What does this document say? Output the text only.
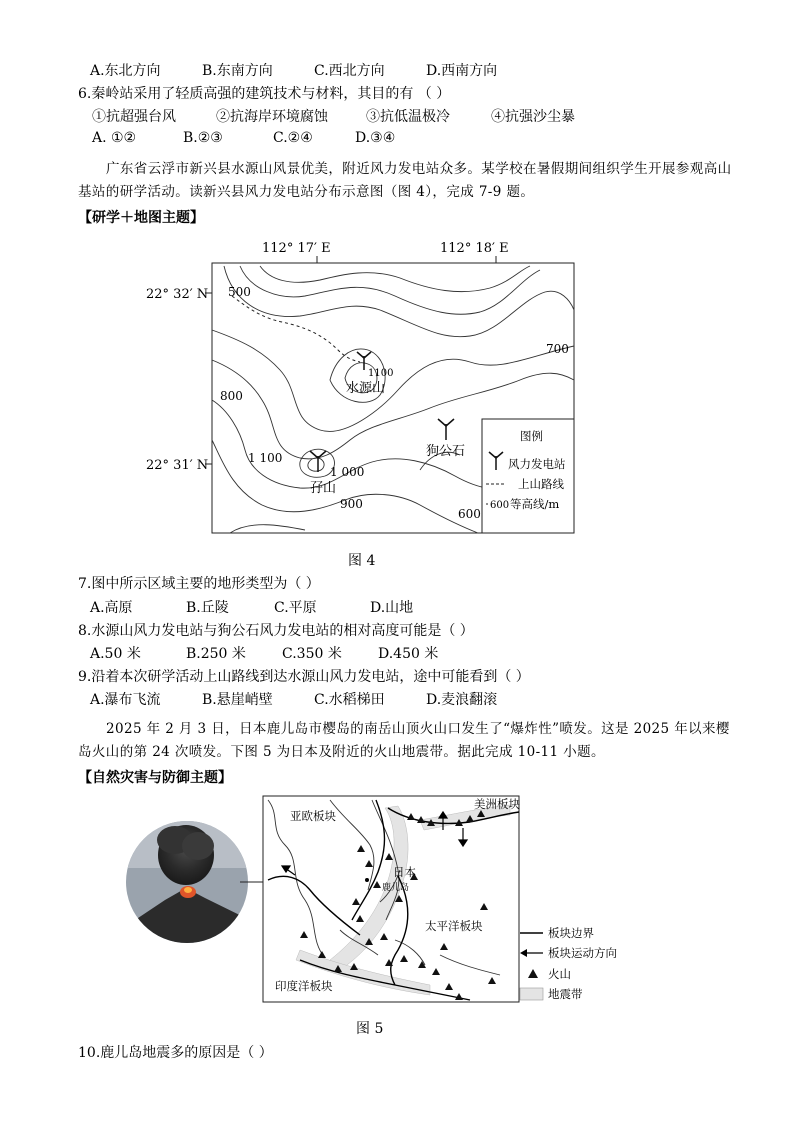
A.东北方向	B.东南方向	C.西北方向	D.西南方向
6.秦岭站采用了轻质高强的建筑技术与材料，其目的有 （ ）
①抗超强台风	②抗海岸环境腐蚀	③抗低温极冷	④抗强沙尘暴
A. ①②	B.②③	C.②④	D.③④
广东省云浮市新兴县水源山风景优美，附近风力发电站众多。某学校在暑假期间组织学生开展参观高山基站的研学活动。读新兴县风力发电站分布示意图（图 4），完成 7-9 题。
【研学＋地图主题】
112° 17′ E	112° 18′ E
22° 32′ N
22° 31′ N
500
700
800
1 100
1 000
900
600
1100
水源山
狗公石
孖山
图例
风力发电站
上山路线
600 等高线/m
图 4
7.图中所示区域主要的地形类型为（ ）
A.高原	B.丘陵	C.平原	D.山地
8.水源山风力发电站与狗公石风力发电站的相对高度可能是（ ）
A.50 米	B.250 米	C.350 米	D.450 米
9.沿着本次研学活动上山路线到达水源山风力发电站，途中可能看到（ ）
A.瀑布飞流	B.悬崖峭壁	C.水稻梯田	D.麦浪翻滚
2025 年 2 月 3 日，日本鹿儿岛市樱岛的南岳山顶火山口发生了“爆炸性”喷发。这是 2025 年以来樱岛火山的第 24 次喷发。下图 5 为日本及附近的火山地震带。据此完成 10-11 小题。
【自然灾害与防御主题】
亚欧板块
美洲板块
太平洋板块
印度洋板块
日本
鹿儿岛
板块边界
板块运动方向
火山
地震带
图 5
10.鹿儿岛地震多的原因是（ ）
